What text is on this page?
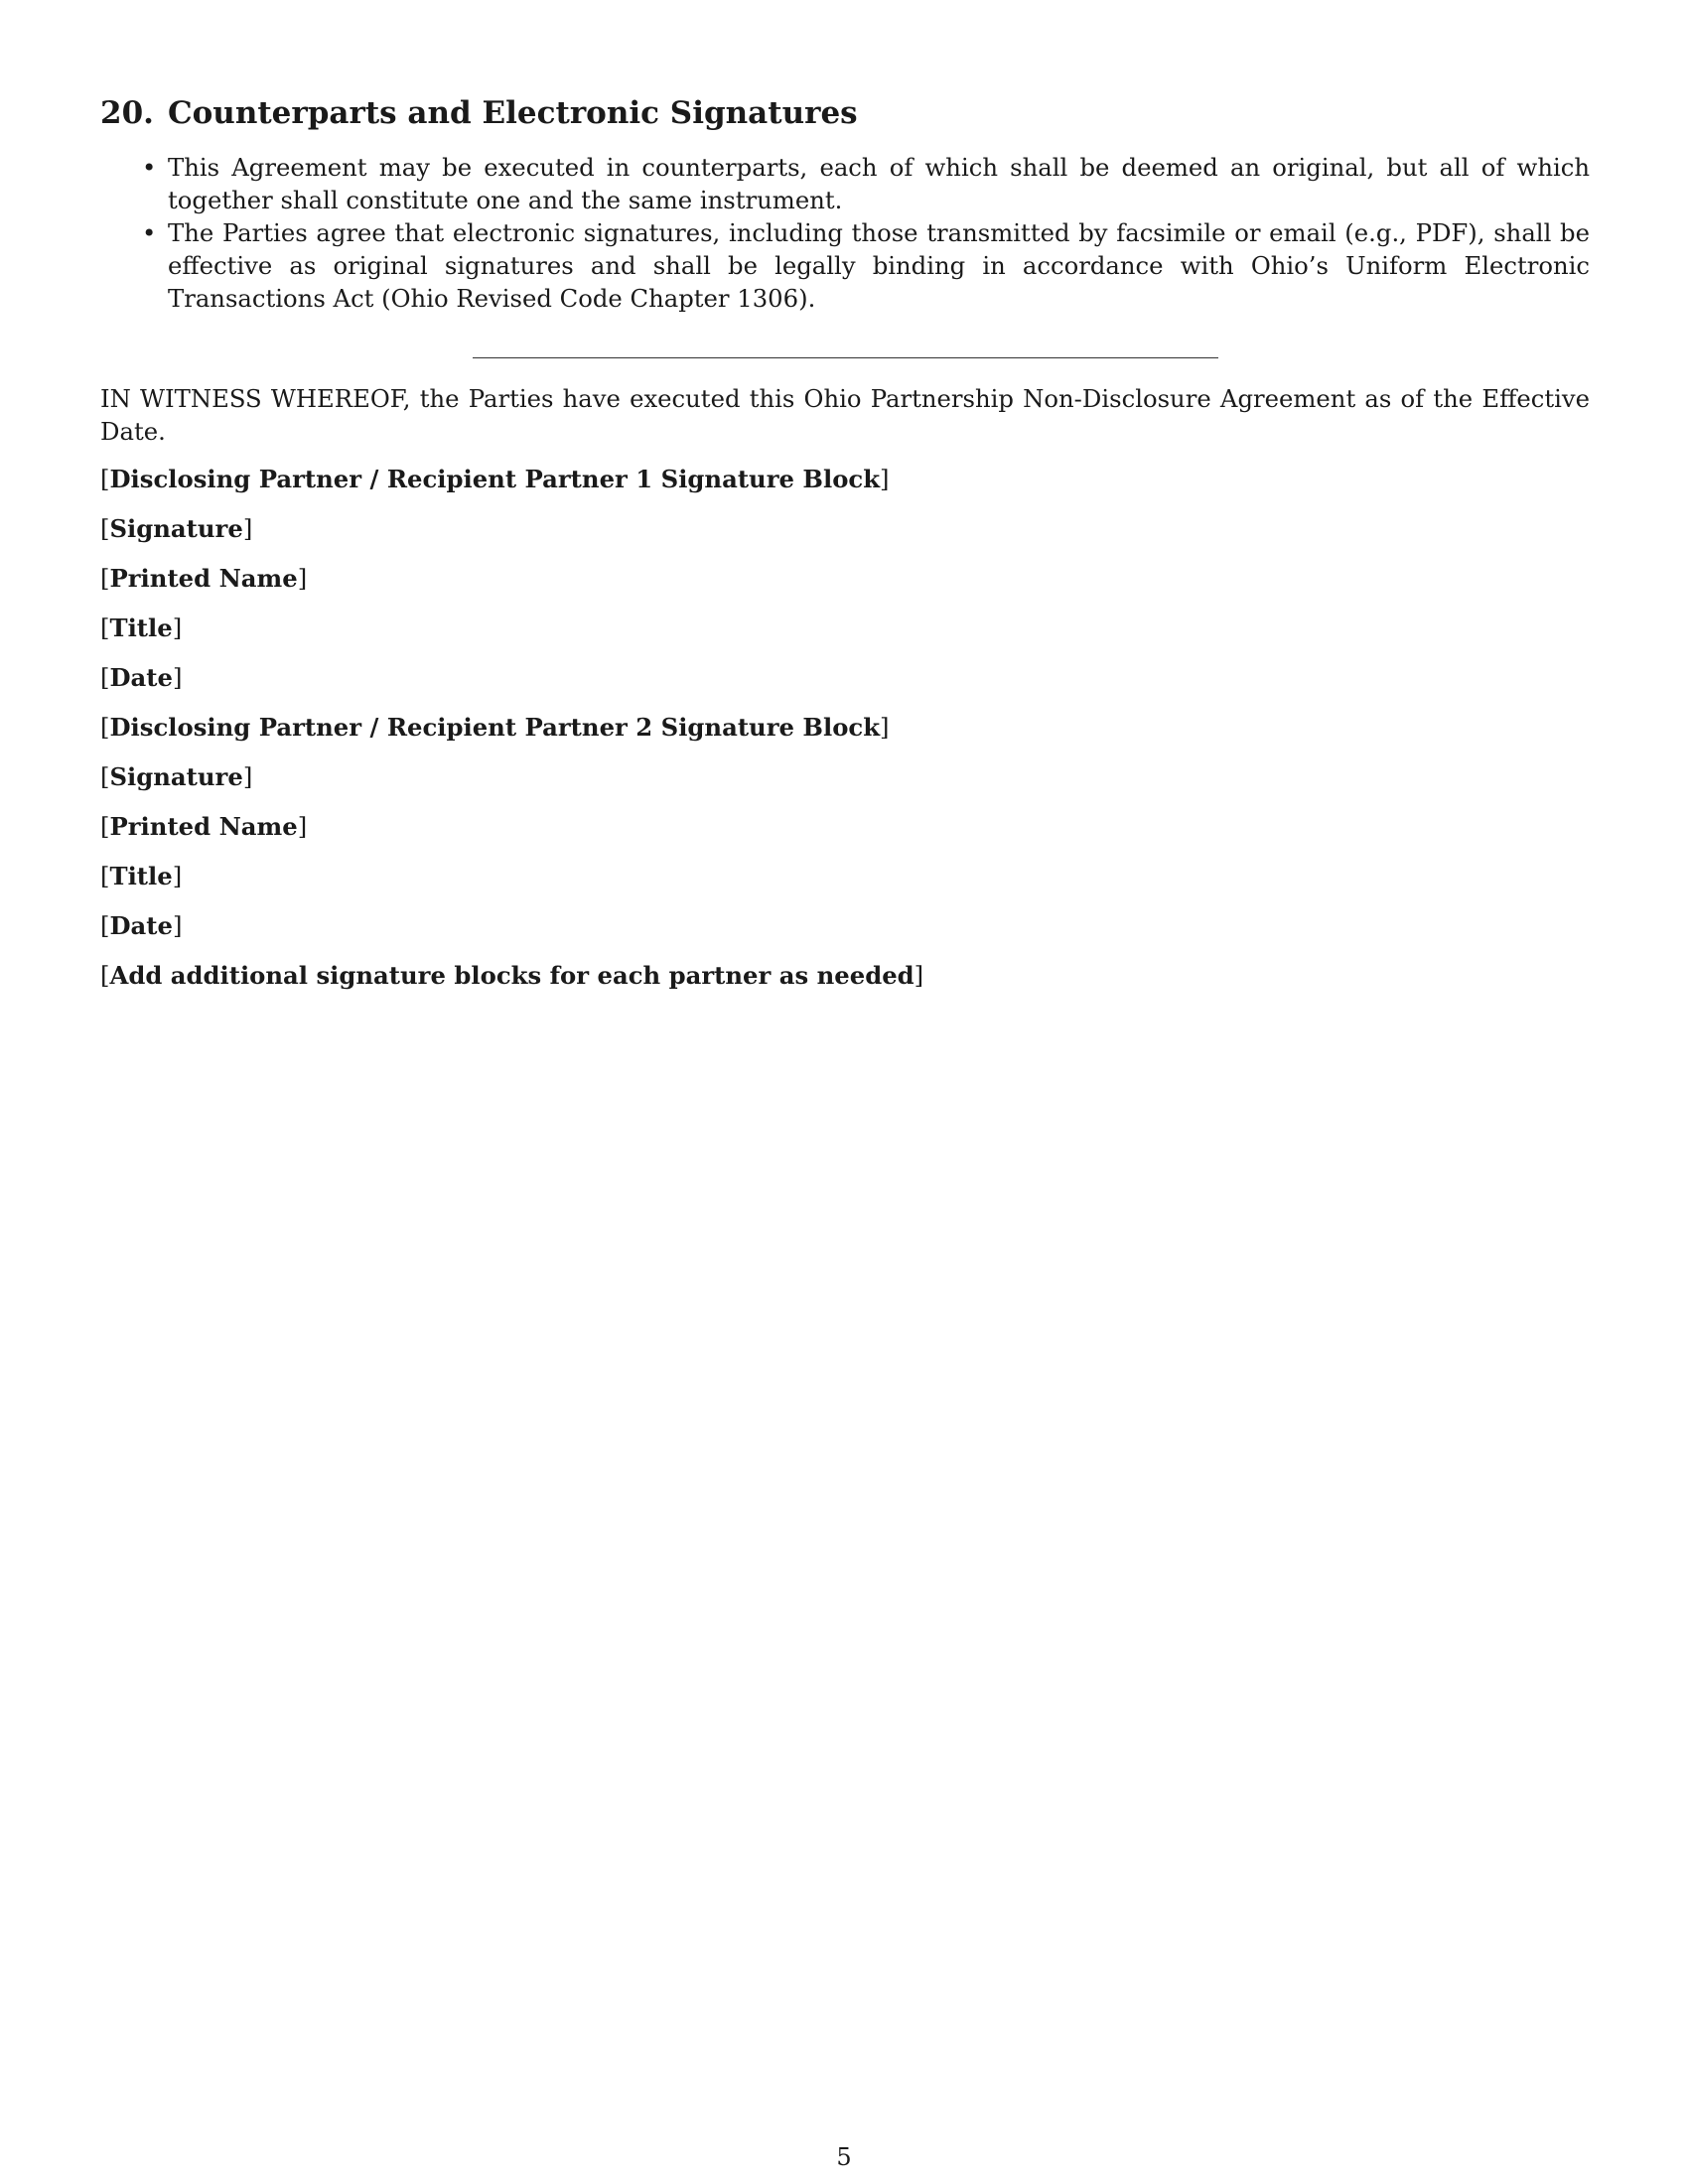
20. Counterparts and Electronic Signatures
• This Agreement may be executed in counterparts, each of which shall be deemed an original, but all of which together shall constitute one and the same instrument.
• The Parties agree that electronic signatures, including those transmitted by facsimile or email (e.g., PDF), shall be effective as original signatures and shall be legally binding in accordance with Ohio’s Uniform Electronic Transactions Act (Ohio Revised Code Chapter 1306).

IN WITNESS WHEREOF, the Parties have executed this Ohio Partnership Non-Disclosure Agreement as of the Effective Date.

[Disclosing Partner / Recipient Partner 1 Signature Block]

[Signature]

[Printed Name]

[Title]

[Date]

[Disclosing Partner / Recipient Partner 2 Signature Block]

[Signature]

[Printed Name]

[Title]

[Date]

[Add additional signature blocks for each partner as needed]

5
